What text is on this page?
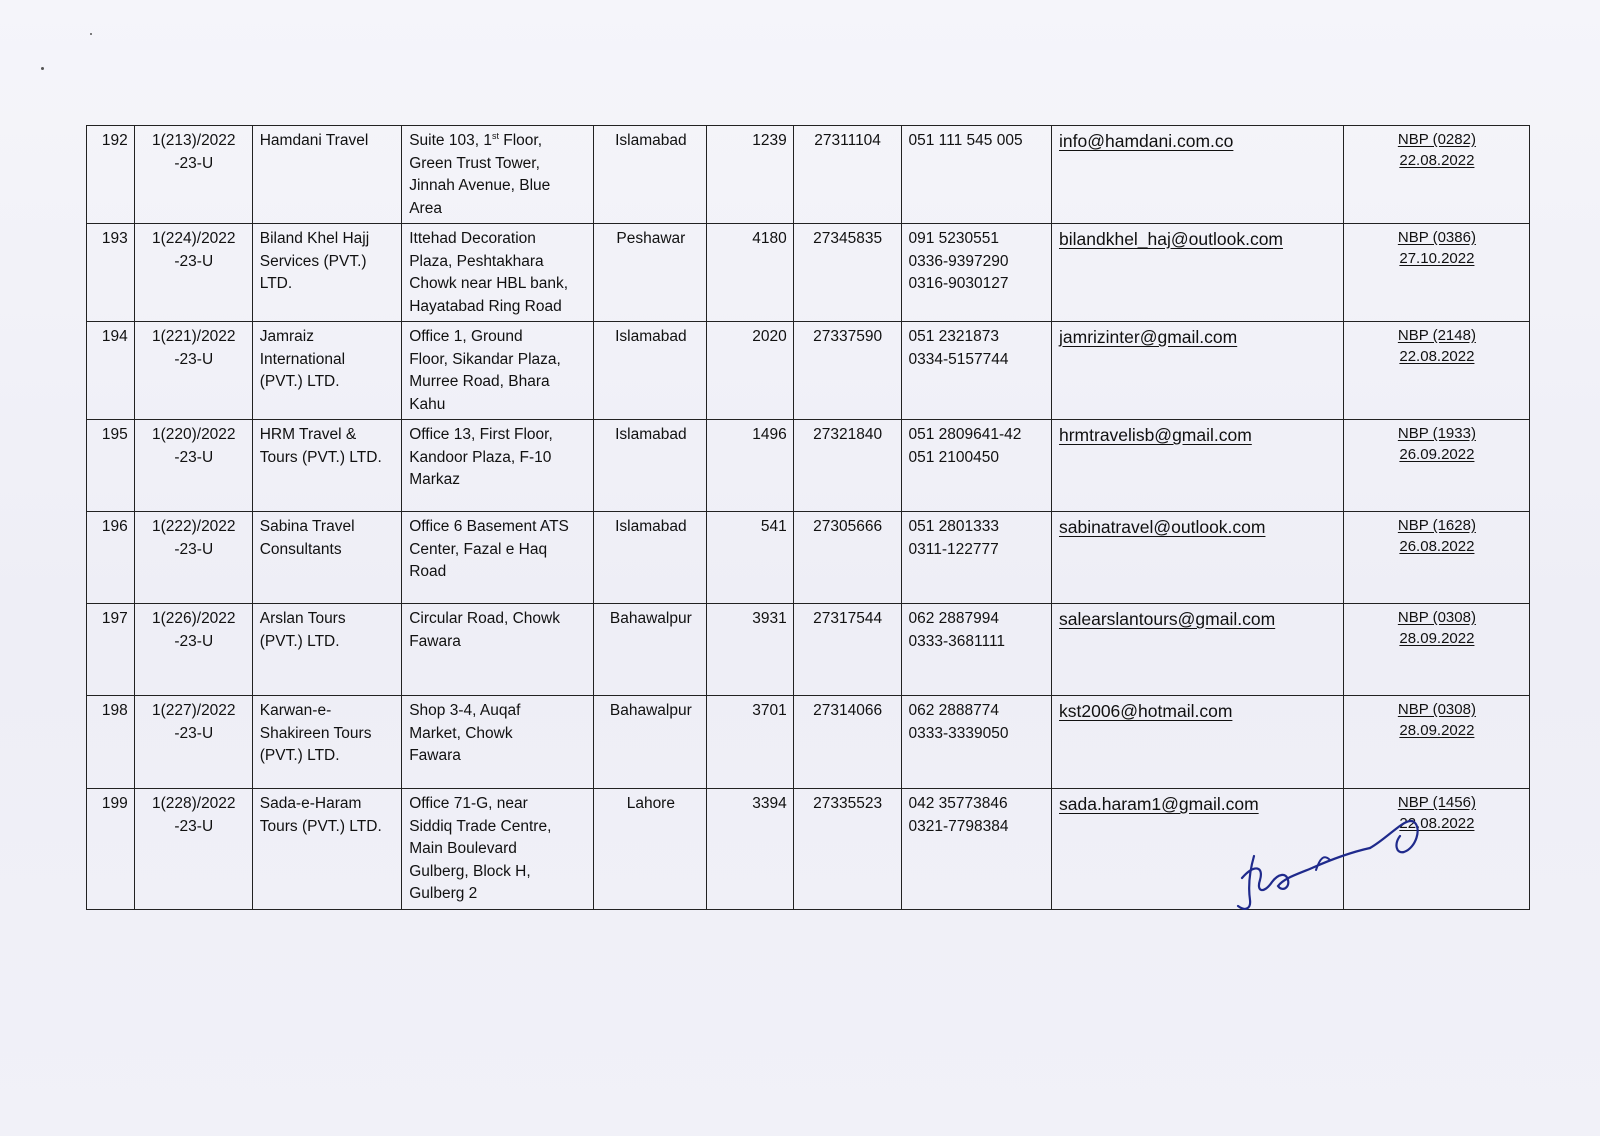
192	1(213)/2022
-23-U	Hamdani Travel	Suite 103, 1st Floor,
Green Trust Tower,
Jinnah Avenue, Blue
Area	Islamabad	1239	27311104	051 111 545 005	info@hamdani.com.co	NBP (0282)
22.08.2022

193	1(224)/2022
-23-U	Biland Khel Hajj
Services (PVT.)
LTD.	Ittehad Decoration
Plaza, Peshtakhara
Chowk near HBL bank,
Hayatabad Ring Road	Peshawar	4180	27345835	091 5230551
0336-9397290
0316-9030127	bilandkhel_haj@outlook.com	NBP (0386)
27.10.2022

194	1(221)/2022
-23-U	Jamraiz
International
(PVT.) LTD.	Office 1, Ground
Floor, Sikandar Plaza,
Murree Road, Bhara
Kahu	Islamabad	2020	27337590	051 2321873
0334-5157744	jamrizinter@gmail.com	NBP (2148)
22.08.2022

195	1(220)/2022
-23-U	HRM Travel &
Tours (PVT.) LTD.	Office 13, First Floor,
Kandoor Plaza, F-10
Markaz	Islamabad	1496	27321840	051 2809641-42
051 2100450	hrmtravelisb@gmail.com	NBP (1933)
26.09.2022

196	1(222)/2022
-23-U	Sabina Travel
Consultants	Office 6 Basement ATS
Center, Fazal e Haq
Road	Islamabad	541	27305666	051 2801333
0311-122777	sabinatravel@outlook.com	NBP (1628)
26.08.2022

197	1(226)/2022
-23-U	Arslan Tours
(PVT.) LTD.	Circular Road, Chowk
Fawara	Bahawalpur	3931	27317544	062 2887994
0333-3681111	salearslantours@gmail.com	NBP (0308)
28.09.2022

198	1(227)/2022
-23-U	Karwan-e-
Shakireen Tours
(PVT.) LTD.	Shop 3-4, Auqaf
Market, Chowk
Fawara	Bahawalpur	3701	27314066	062 2888774
0333-3339050	kst2006@hotmail.com	NBP (0308)
28.09.2022

199	1(228)/2022
-23-U	Sada-e-Haram
Tours (PVT.) LTD.	Office 71-G, near
Siddiq Trade Centre,
Main Boulevard
Gulberg, Block H,
Gulberg 2	Lahore	3394	27335523	042 35773846
0321-7798384	sada.haram1@gmail.com	NBP (1456)
22.08.2022
